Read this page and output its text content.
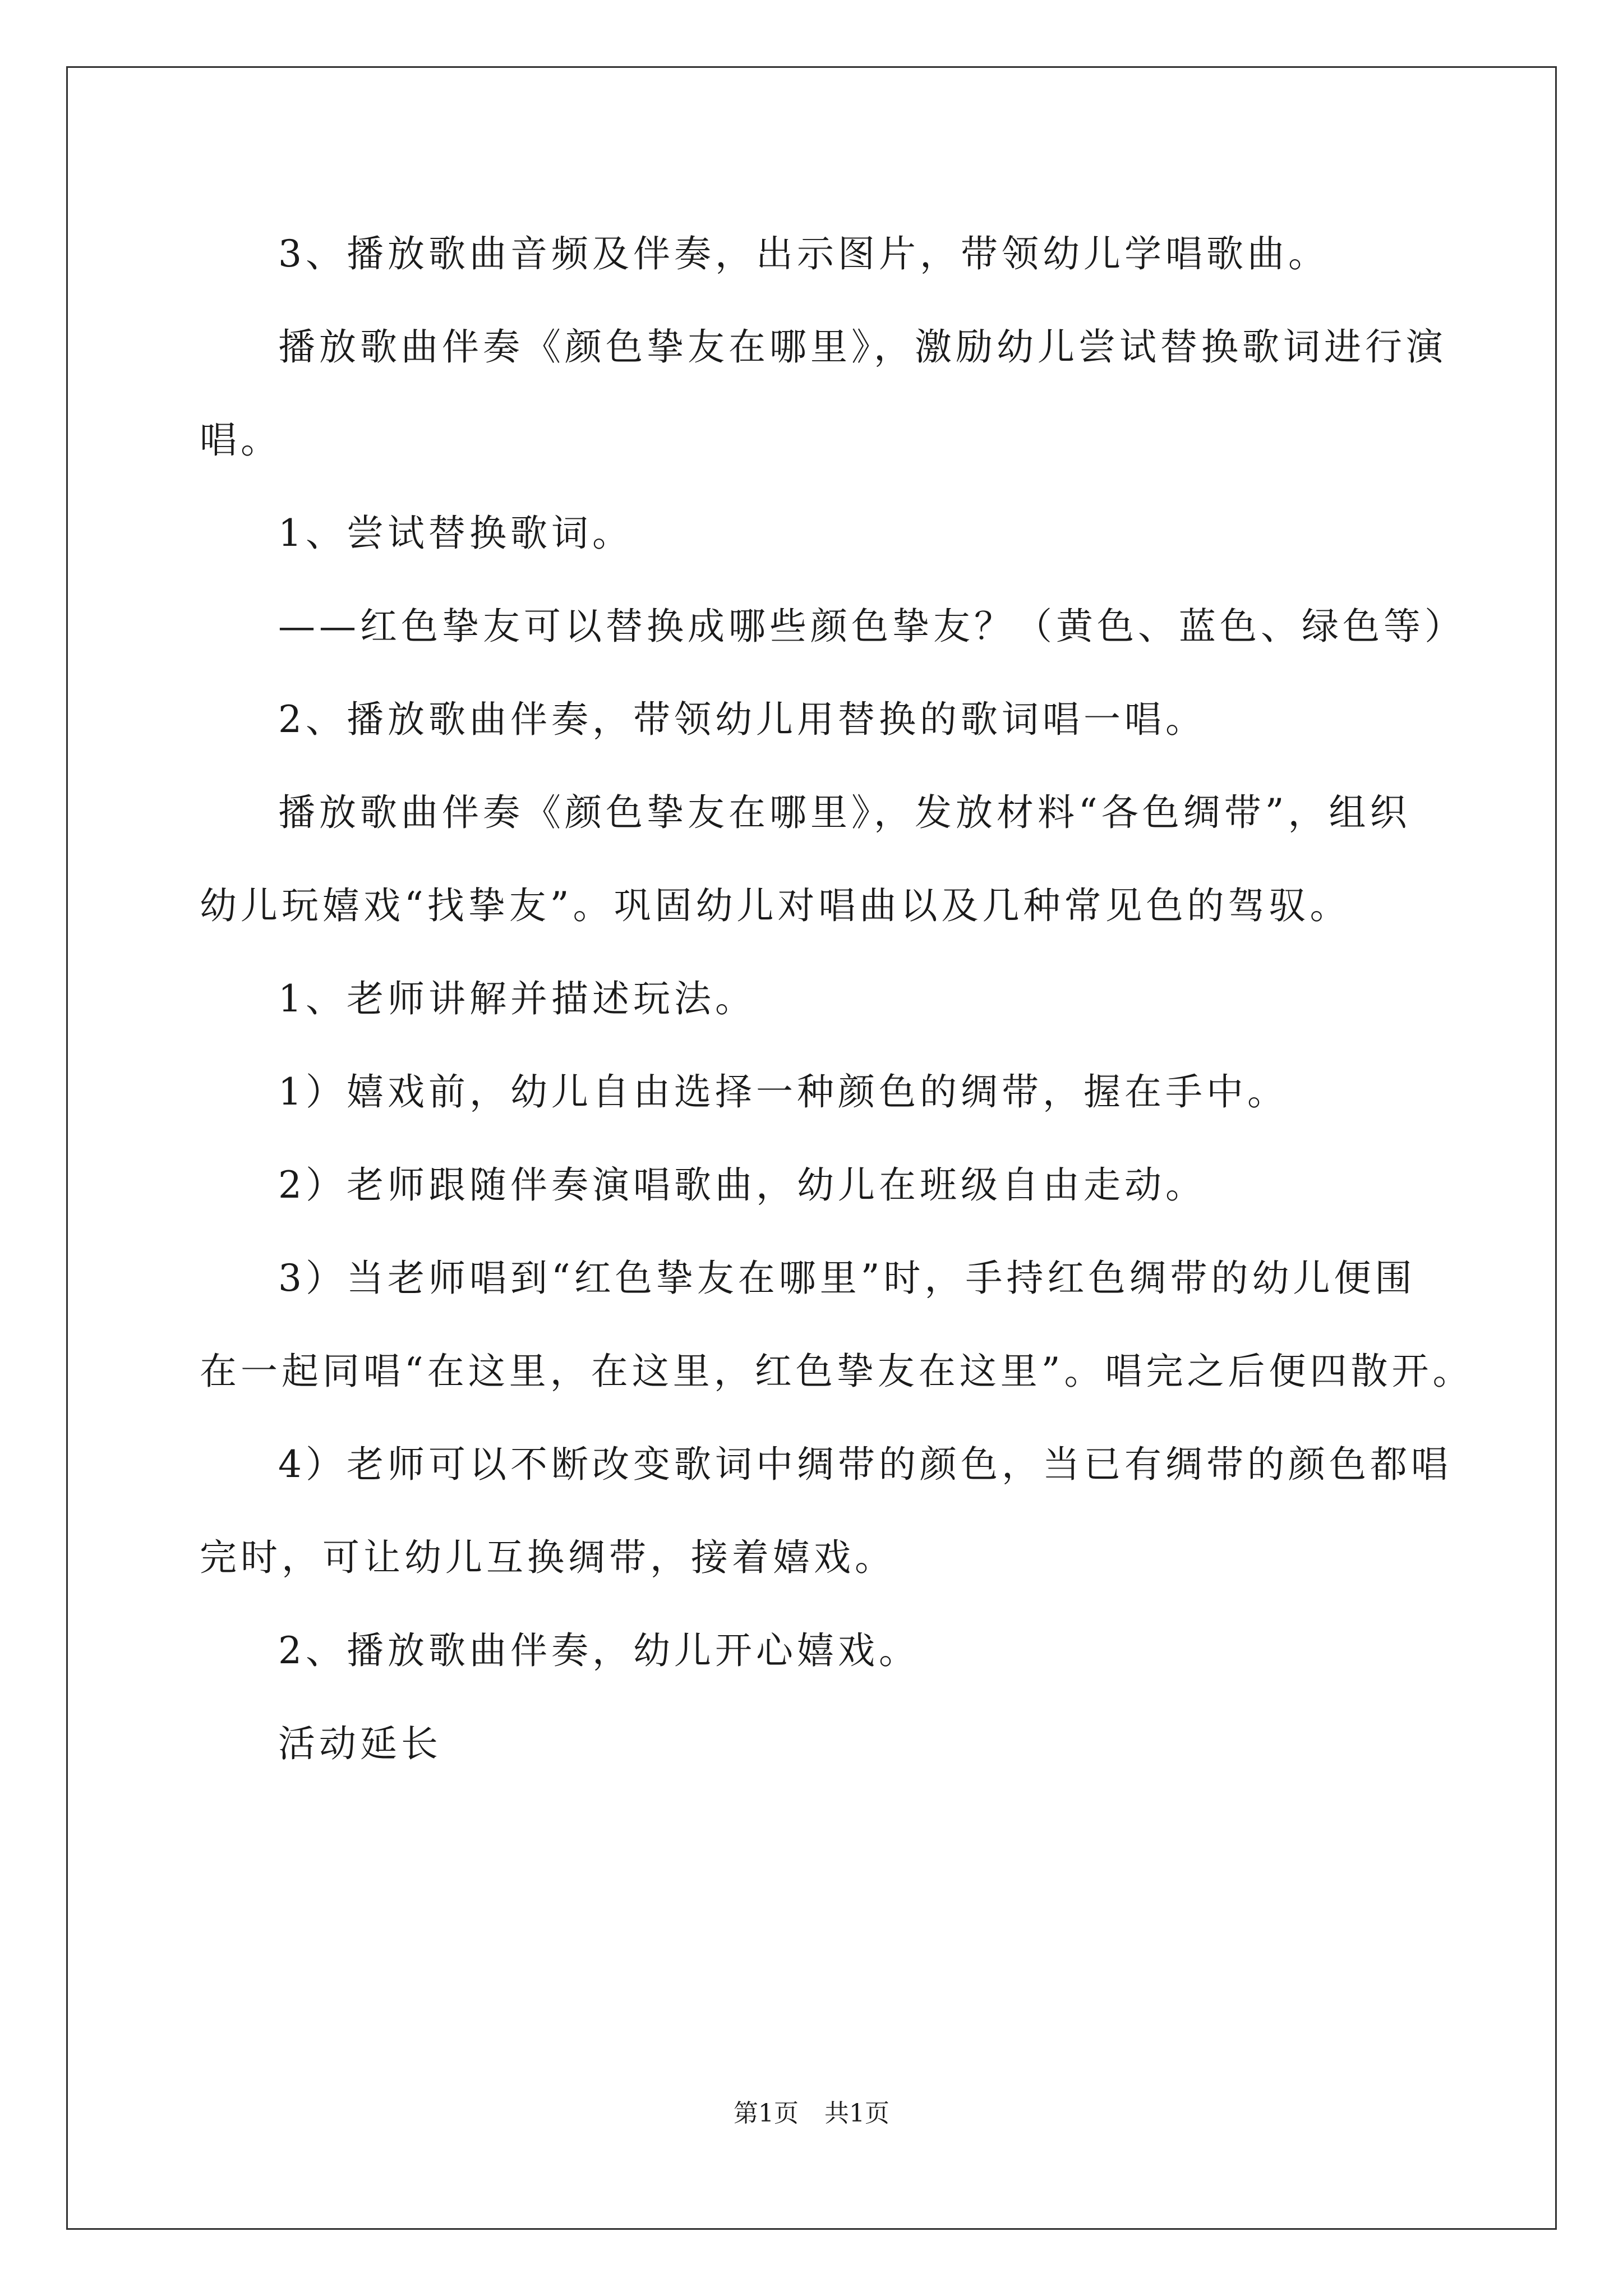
3、播放歌曲音频及伴奏，出示图片，带领幼儿学唱歌曲。

播放歌曲伴奏《颜色挚友在哪里》，激励幼儿尝试替换歌词进行演

唱。

1、尝试替换歌词。

——红色挚友可以替换成哪些颜色挚友？（黄色、蓝色、绿色等）

2、播放歌曲伴奏，带领幼儿用替换的歌词唱一唱。

播放歌曲伴奏《颜色挚友在哪里》，发放材料“各色绸带”，组织

幼儿玩嬉戏“找挚友”。巩固幼儿对唱曲以及几种常见色的驾驭。

1、老师讲解并描述玩法。

1）嬉戏前，幼儿自由选择一种颜色的绸带，握在手中。

2）老师跟随伴奏演唱歌曲，幼儿在班级自由走动。

3）当老师唱到“红色挚友在哪里”时，手持红色绸带的幼儿便围

在一起同唱“在这里，在这里，红色挚友在这里”。唱完之后便四散开。

4）老师可以不断改变歌词中绸带的颜色，当已有绸带的颜色都唱

完时，可让幼儿互换绸带，接着嬉戏。

2、播放歌曲伴奏，幼儿开心嬉戏。

活动延长

第1页 共1页
